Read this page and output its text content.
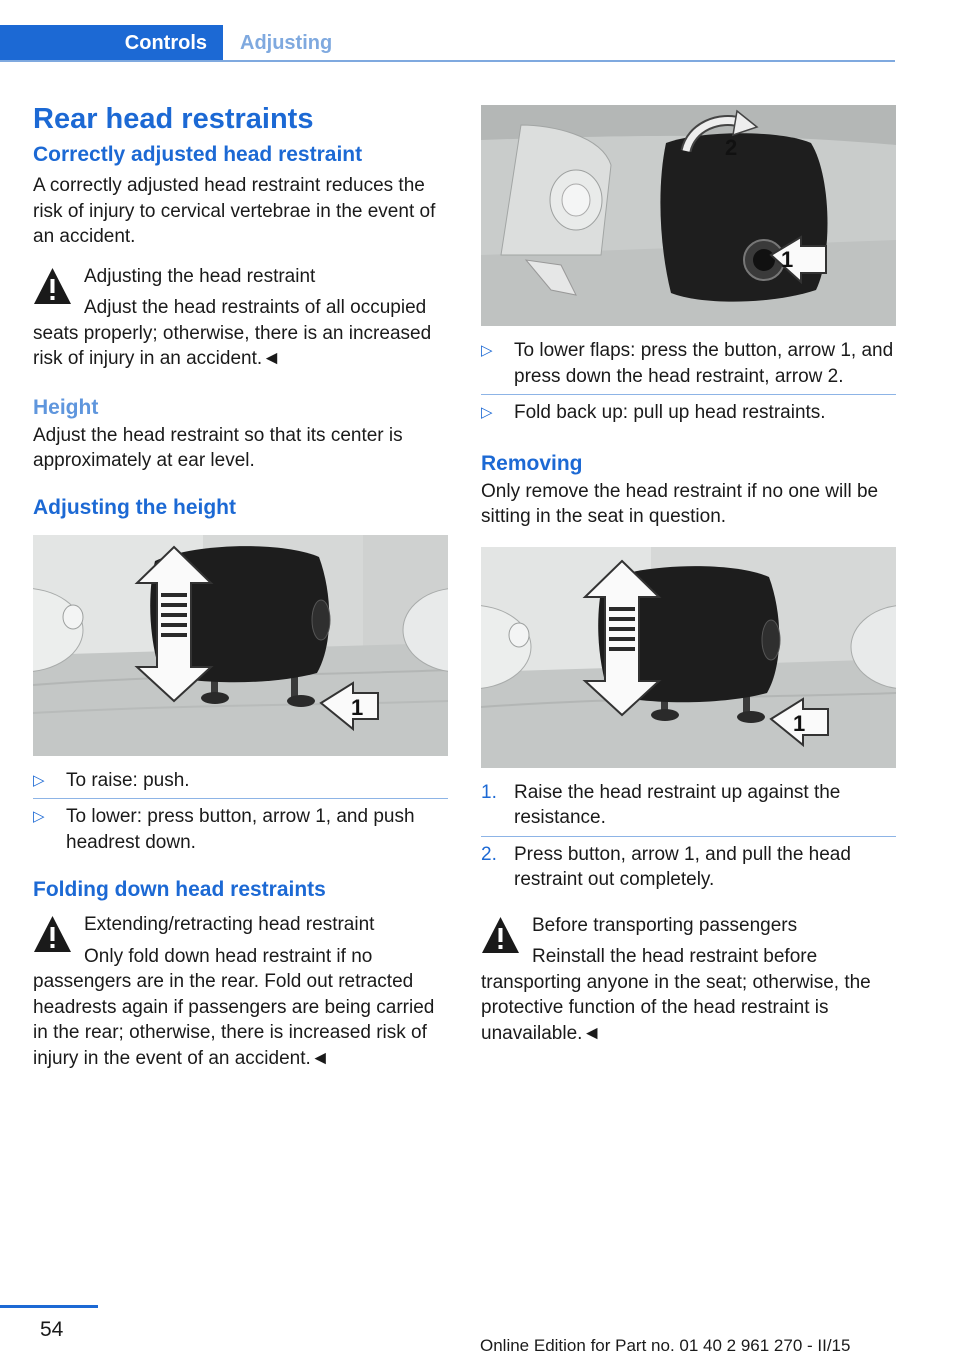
Controls	Adjusting
Rear head restraints
Correctly adjusted head restraint

A correctly adjusted head restraint reduces the risk of injury to cervical vertebrae in the event of an accident.

Adjusting the head restraint
Adjust the head restraints of all occupied seats properly; otherwise, there is an increased risk of injury in an accident.◄
Height

Adjust the head restraint so that its center is approximately at ear level.

Adjusting the height
1
▷ To raise: push.
▷ To lower: press button, arrow 1, and push headrest down.
Folding down head restraints
Extending/retracting head restraint
Only fold down head restraint if no passengers are in the rear. Fold out retracted headrests again if passengers are being carried in the rear; otherwise, there is increased risk of injury in the event of an accident.◄
2
1
▷ To lower flaps: press the button, arrow 1, and press down the head restraint, arrow 2.
▷ Fold back up: pull up head restraints.
Removing

Only remove the head restraint if no one will be sitting in the seat in question.

1
1. Raise the head restraint up against the resistance.
2. Press button, arrow 1, and pull the head restraint out completely.
Before transporting passengers
Reinstall the head restraint before transporting anyone in the seat; otherwise, the protective function of the head restraint is unavailable.◄
54
Online Edition for Part no. 01 40 2 961 270 - II/15
